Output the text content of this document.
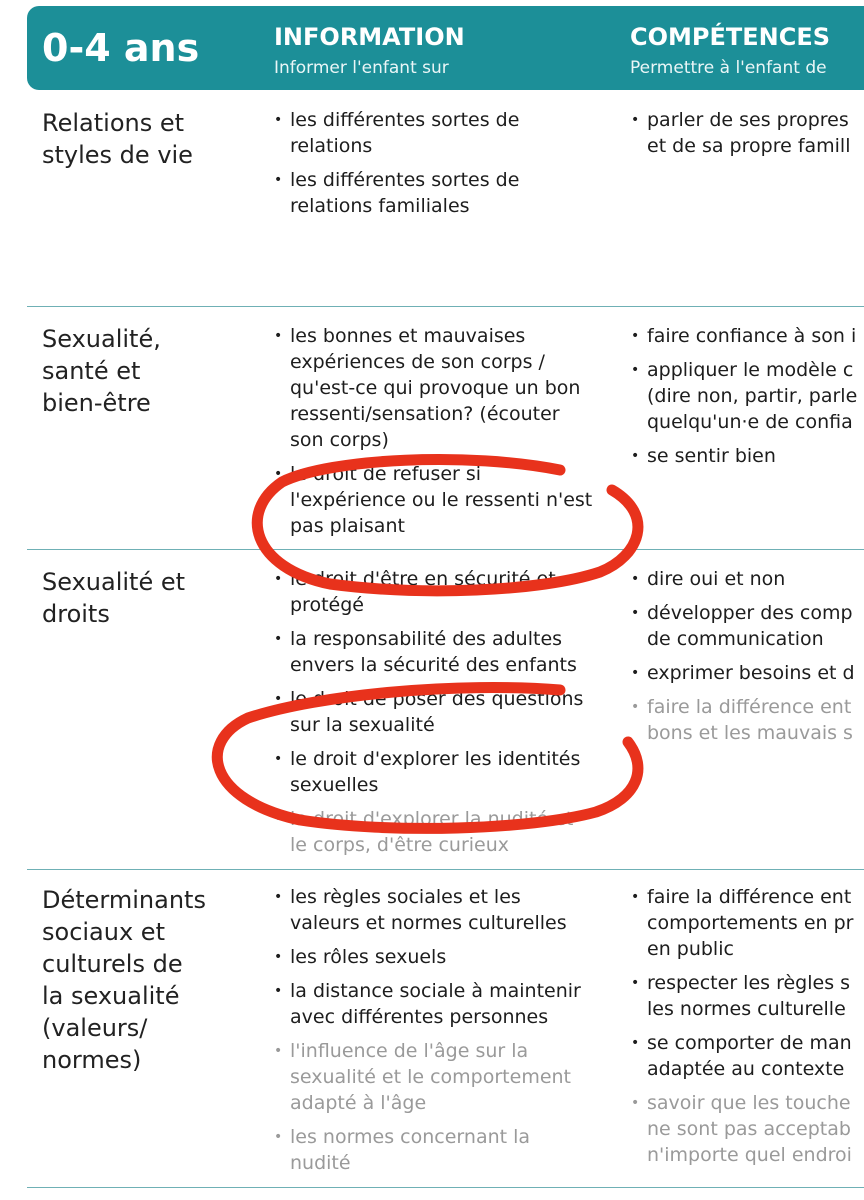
0-4 ans	INFORMATION
Informer l'enfant sur
COMPÉTENCES
Permettre à l'enfant de
Relations et
styles de vie
• les différentes sortes de
relations
• les différentes sortes de
relations familiales
• parler de ses propres
et de sa propre famill
Sexualité,
santé et
bien-être
• les bonnes et mauvaises
expériences de son corps /
qu'est-ce qui provoque un bon
ressenti/sensation? (écouter
son corps)
• le droit de refuser si
l'expérience ou le ressenti n'est
pas plaisant
• faire confiance à son i
• appliquer le modèle c
(dire non, partir, parle
quelqu'un·e de confia
• se sentir bien
Sexualité et
droits
• le droit d'être en sécurité et
protégé
• la responsabilité des adultes
envers la sécurité des enfants
• le droit de poser des questions
sur la sexualité
• le droit d'explorer les identités
sexuelles
• le droit d'explorer la nudité et
le corps, d'être curieux
• dire oui et non
• développer des comp
de communication
• exprimer besoins et d
• faire la différence ent
bons et les mauvais s
Déterminants
sociaux et
culturels de
la sexualité
(valeurs/
normes)
• les règles sociales et les
valeurs et normes culturelles
• les rôles sexuels
• la distance sociale à maintenir
avec différentes personnes
• l'influence de l'âge sur la
sexualité et le comportement
adapté à l'âge
• les normes concernant la
nudité
• faire la différence ent
comportements en pr
en public
• respecter les règles s
les normes culturelle
• se comporter de man
adaptée au contexte
• savoir que les touche
ne sont pas acceptab
n'importe quel endroi
